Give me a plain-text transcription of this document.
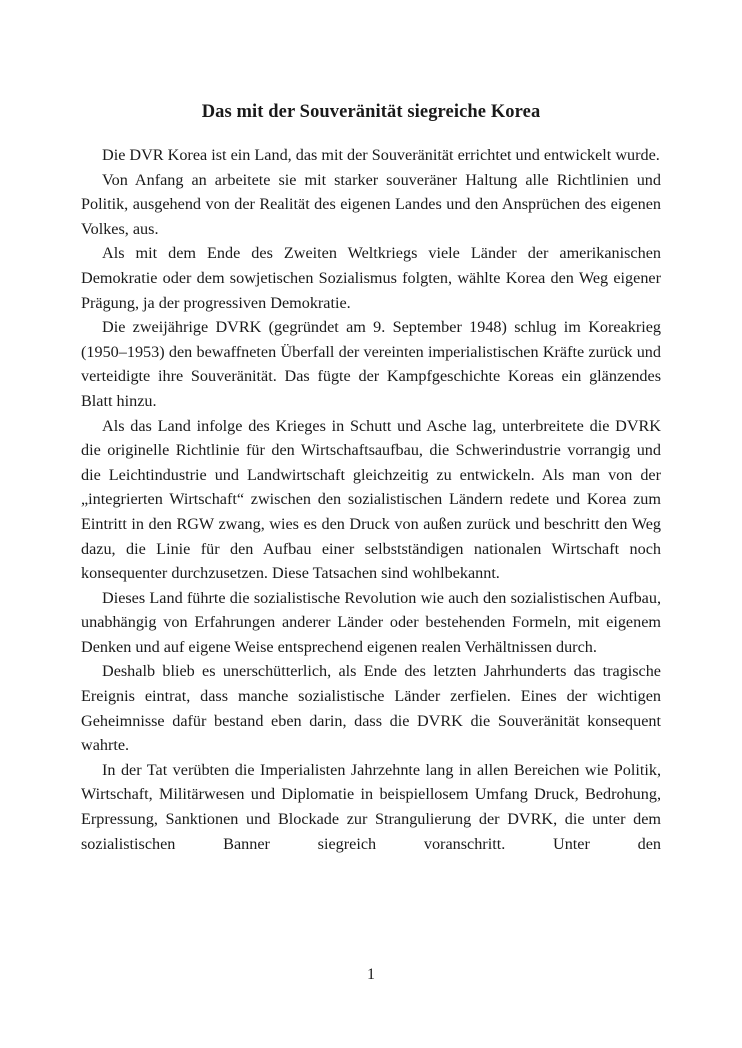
Das mit der Souveränität siegreiche Korea

Die DVR Korea ist ein Land, das mit der Souveränität errichtet und entwickelt wurde.

Von Anfang an arbeitete sie mit starker souveräner Haltung alle Richtlinien und Politik, ausgehend von der Realität des eigenen Landes und den Ansprüchen des eigenen Volkes, aus.

Als mit dem Ende des Zweiten Weltkriegs viele Länder der amerikanischen Demokratie oder dem sowjetischen Sozialismus folgten, wählte Korea den Weg eigener Prägung, ja der progressiven Demokratie.

Die zweijährige DVRK (gegründet am 9. September 1948) schlug im Koreakrieg (1950–1953) den bewaffneten Überfall der vereinten imperialistischen Kräfte zurück und verteidigte ihre Souveränität. Das fügte der Kampfgeschichte Koreas ein glänzendes Blatt hinzu.

Als das Land infolge des Krieges in Schutt und Asche lag, unterbreitete die DVRK die originelle Richtlinie für den Wirtschaftsaufbau, die Schwerindustrie vorrangig und die Leichtindustrie und Landwirtschaft gleichzeitig zu entwickeln. Als man von der „integrierten Wirtschaft“ zwischen den sozialistischen Ländern redete und Korea zum Eintritt in den RGW zwang, wies es den Druck von außen zurück und beschritt den Weg dazu, die Linie für den Aufbau einer selbstständigen nationalen Wirtschaft noch konsequenter durchzusetzen. Diese Tatsachen sind wohlbekannt.

Dieses Land führte die sozialistische Revolution wie auch den sozialistischen Aufbau, unabhängig von Erfahrungen anderer Länder oder bestehenden Formeln, mit eigenem Denken und auf eigene Weise entsprechend eigenen realen Verhältnissen durch.

Deshalb blieb es unerschütterlich, als Ende des letzten Jahrhunderts das tragische Ereignis eintrat, dass manche sozialistische Länder zerfielen. Eines der wichtigen Geheimnisse dafür bestand eben darin, dass die DVRK die Souveränität konsequent wahrte.

In der Tat verübten die Imperialisten Jahrzehnte lang in allen Bereichen wie Politik, Wirtschaft, Militärwesen und Diplomatie in beispiellosem Umfang Druck, Bedrohung, Erpressung, Sanktionen und Blockade zur Strangulierung der DVRK, die unter dem sozialistischen Banner siegreich voranschritt. Unter den

1
